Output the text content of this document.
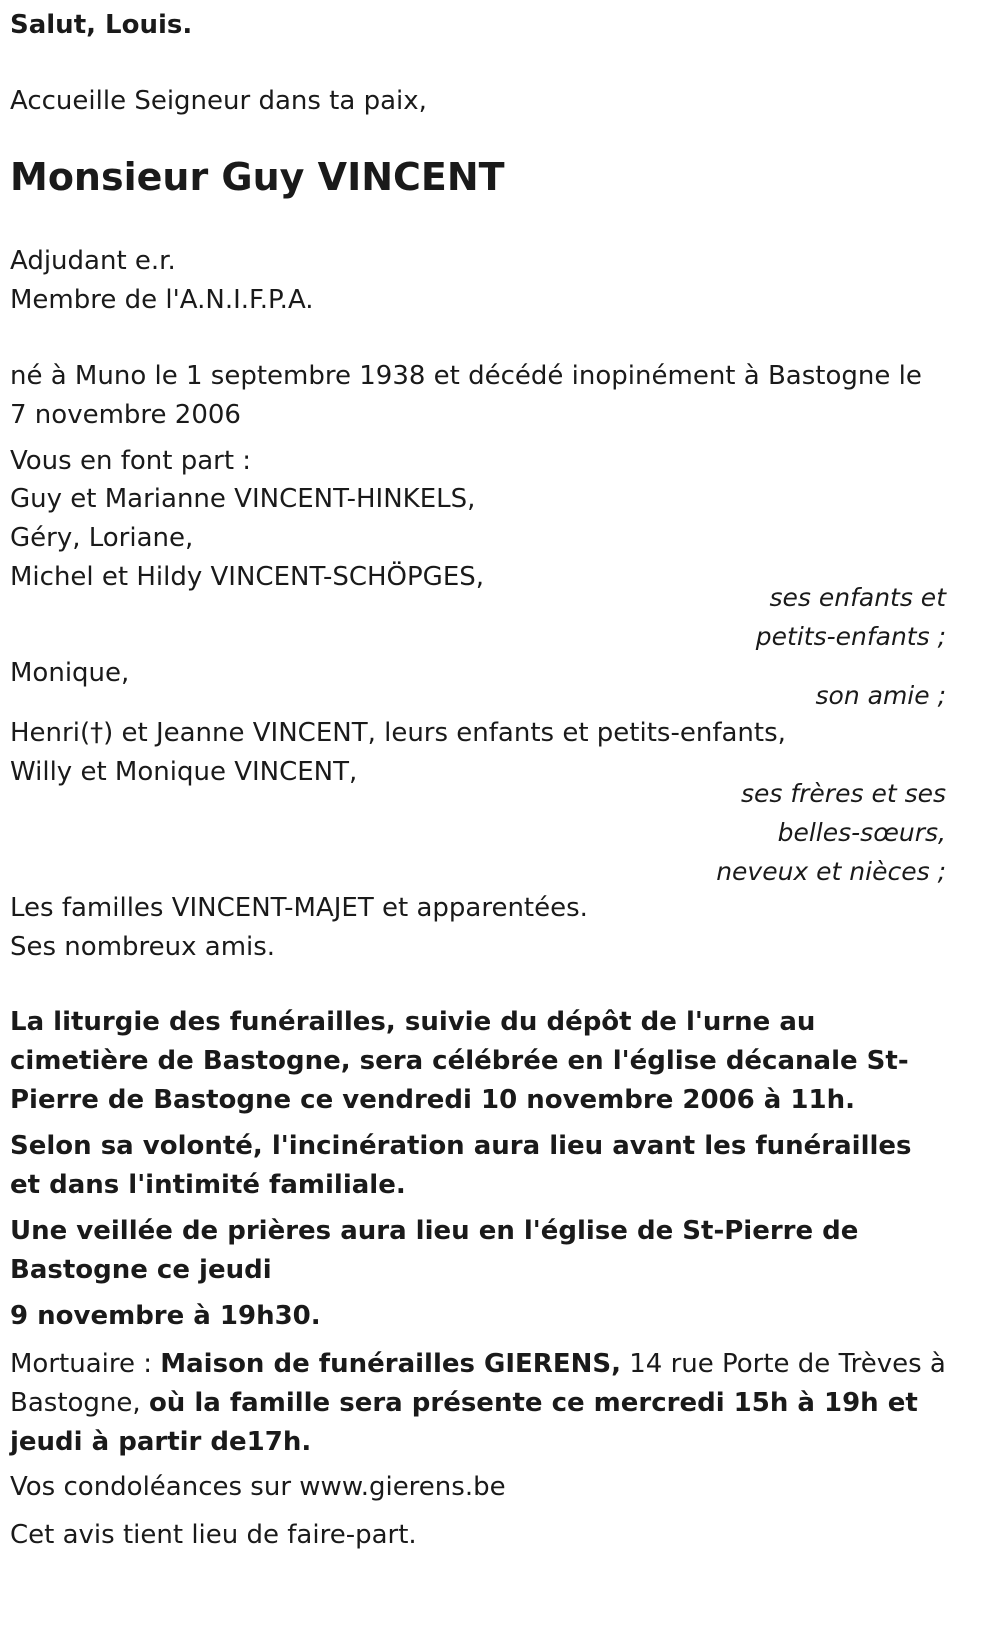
Salut, Louis.
Accueille Seigneur dans ta paix,
Monsieur Guy VINCENT
Adjudant e.r.
Membre de l'A.N.I.F.P.A.
né à Muno le 1 septembre 1938 et décédé inopinément à Bastogne le 7 novembre 2006
Vous en font part :
Guy et Marianne VINCENT-HINKELS,
Géry, Loriane,
Michel et Hildy VINCENT-SCHÖPGES,
ses enfants et
petits-enfants ;
Monique,
son amie ;
Henri(†) et Jeanne VINCENT, leurs enfants et petits-enfants,
Willy et Monique VINCENT,
ses frères et ses
belles-sœurs,
neveux et nièces ;
Les familles VINCENT-MAJET et apparentées.
Ses nombreux amis.
La liturgie des funérailles, suivie du dépôt de l'urne au cimetière de Bastogne, sera célébrée en l'église décanale St-Pierre de Bastogne ce vendredi 10 novembre 2006 à 11h.
Selon sa volonté, l'incinération aura lieu avant les funérailles et dans l'intimité familiale.
Une veillée de prières aura lieu en l'église de St-Pierre de Bastogne ce jeudi
9 novembre à 19h30.
Mortuaire : Maison de funérailles GIERENS, 14 rue Porte de Trèves à Bastogne, où la famille sera présente ce mercredi 15h à 19h et jeudi à partir de17h.
Vos condoléances sur www.gierens.be
Cet avis tient lieu de faire-part.
